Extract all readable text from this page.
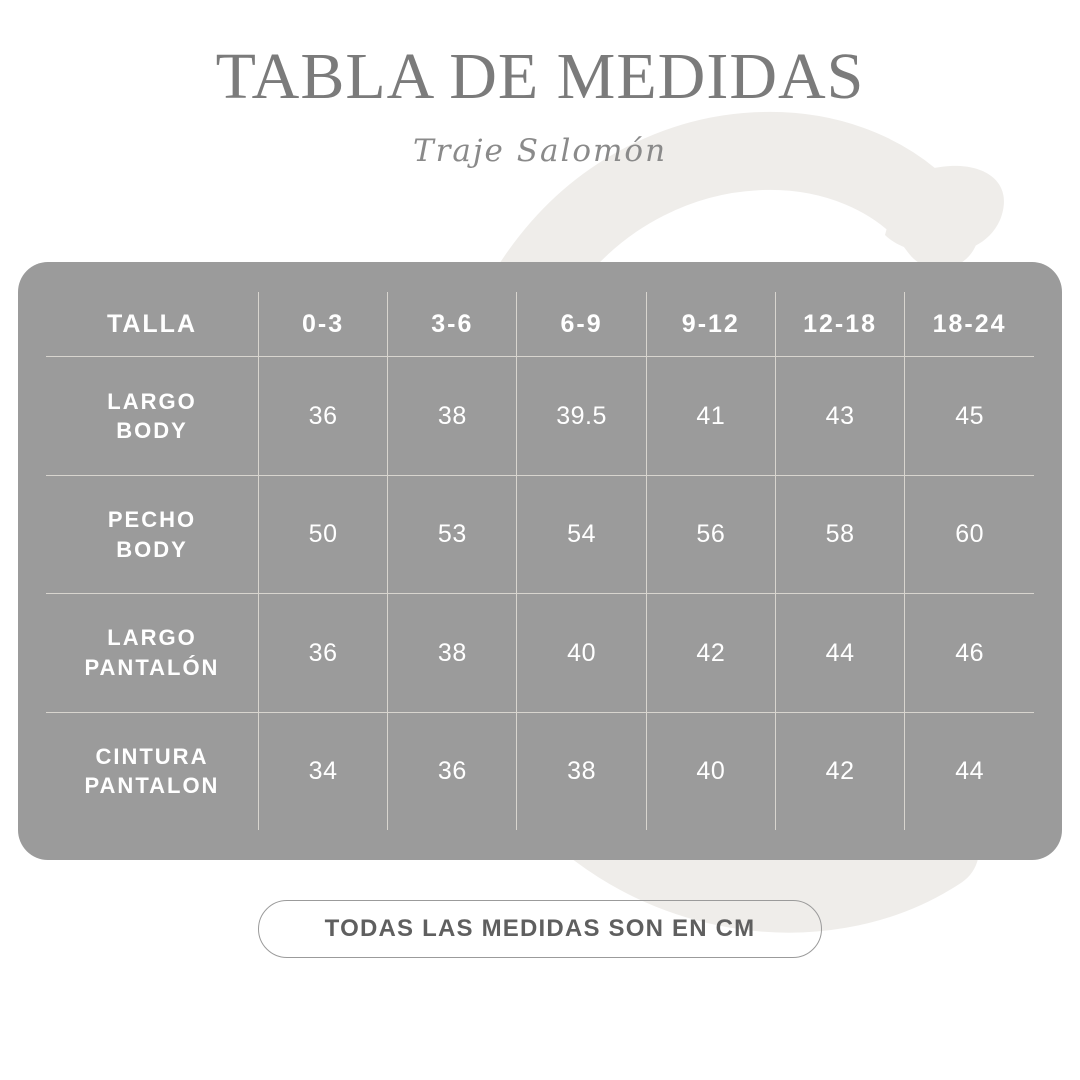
TABLA DE MEDIDAS
Traje Salomón
TALLA	0-3	3-6	6-9	9-12	12-18	18-24

LARGO
BODY	36	38	39.5	41	43	45

PECHO
BODY	50	53	54	56	58	60

LARGO
PANTALÓN	36	38	40	42	44	46

CINTURA
PANTALON	34	36	38	40	42	44
TODAS LAS MEDIDAS SON EN CM
